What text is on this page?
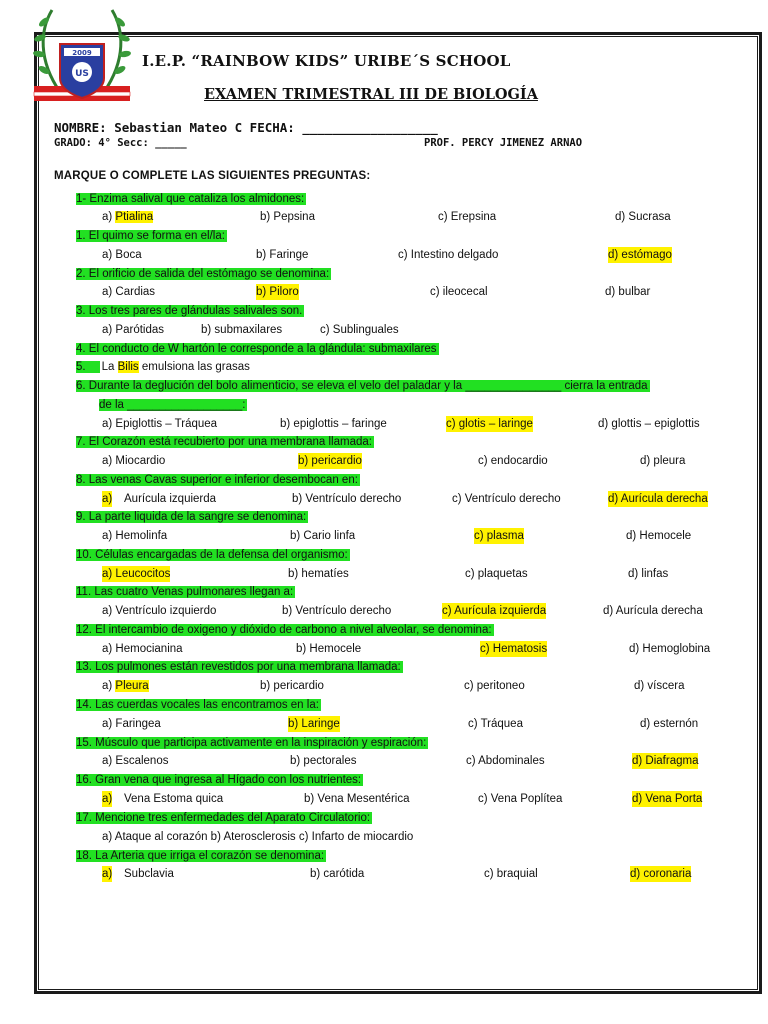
2009
US
I.E.P. “RAINBOW KIDS” URIBE´S SCHOOL
EXAMEN TRIMESTRAL III DE BIOLOGÍA
NOMBRE: Sebastian Mateo C FECHA: __________________
GRADO: 4° Secc: _____	PROF. PERCY JIMENEZ ARNAO
MARQUE O COMPLETE LAS SIGUIENTES PREGUNTAS:
1- Enzima salival que cataliza los almidones:
a) Ptialina	b) Pepsina	c) Erepsina	d) Sucrasa
1. El quimo se forma en el/la:
a) Boca	b) Faringe	c) Intestino delgado	d) estómago
2. El orificio de salida del estómago se denomina:
a) Cardias	b) Piloro	c) ileocecal	d) bulbar
3. Los tres pares de glándulas salivales son.
a) Parótidas	b) submaxilares	c) Sublinguales
4. El conducto de W hartón le corresponde a la glándula: submaxilares
5. La Bilis emulsiona las grasas
6. Durante la deglución del bolo alimenticio, se eleva el velo del paladar y la _______________ cierra la entrada
de la __________________:
a) Epiglottis – Tráquea	b) epiglottis – faringe	c) glotis – laringe	d) glottis – epiglottis
7. El Corazón está recubierto por una membrana llamada:
a) Miocardio	b) pericardio	c) endocardio	d) pleura
8. Las venas Cavas superior e inferior desembocan en:
a) Aurícula izquierda	b) Ventrículo derecho	c) Ventrículo derecho	d) Aurícula derecha
9. La parte liquida de la sangre se denomina:
a) Hemolinfa	b) Cario linfa	c) plasma	d) Hemocele
10. Células encargadas de la defensa del organismo:
a) Leucocitos	b) hematíes	c) plaquetas	d) linfas
11. Las cuatro Venas pulmonares llegan a:
a) Ventrículo izquierdo	b) Ventrículo derecho	c) Aurícula izquierda	d) Aurícula derecha
12. El intercambio de oxigeno y dióxido de carbono a nivel alveolar, se denomina:
a) Hemocianina	b) Hemocele	c) Hematosis	d) Hemoglobina
13. Los pulmones están revestidos por una membrana llamada:
a) Pleura	b) pericardio	c) peritoneo	d) víscera
14. Las cuerdas vocales las encontramos en la:
a) Faringea	b) Laringe	c) Tráquea	d) esternón
15. Músculo que participa activamente en la inspiración y espiración:
a) Escalenos	b) pectorales	c) Abdominales	d) Diafragma
16. Gran vena que ingresa al Hígado con los nutrientes:
a) Vena Estoma quica	b) Vena Mesentérica	c) Vena Poplítea	d) Vena Porta
17. Mencione tres enfermedades del Aparato Circulatorio:
a) Ataque al corazón b) Aterosclerosis c) Infarto de miocardio
18. La Arteria que irriga el corazón se denomina:
a) Subclavia	b) carótida	c) braquial	d) coronaria
